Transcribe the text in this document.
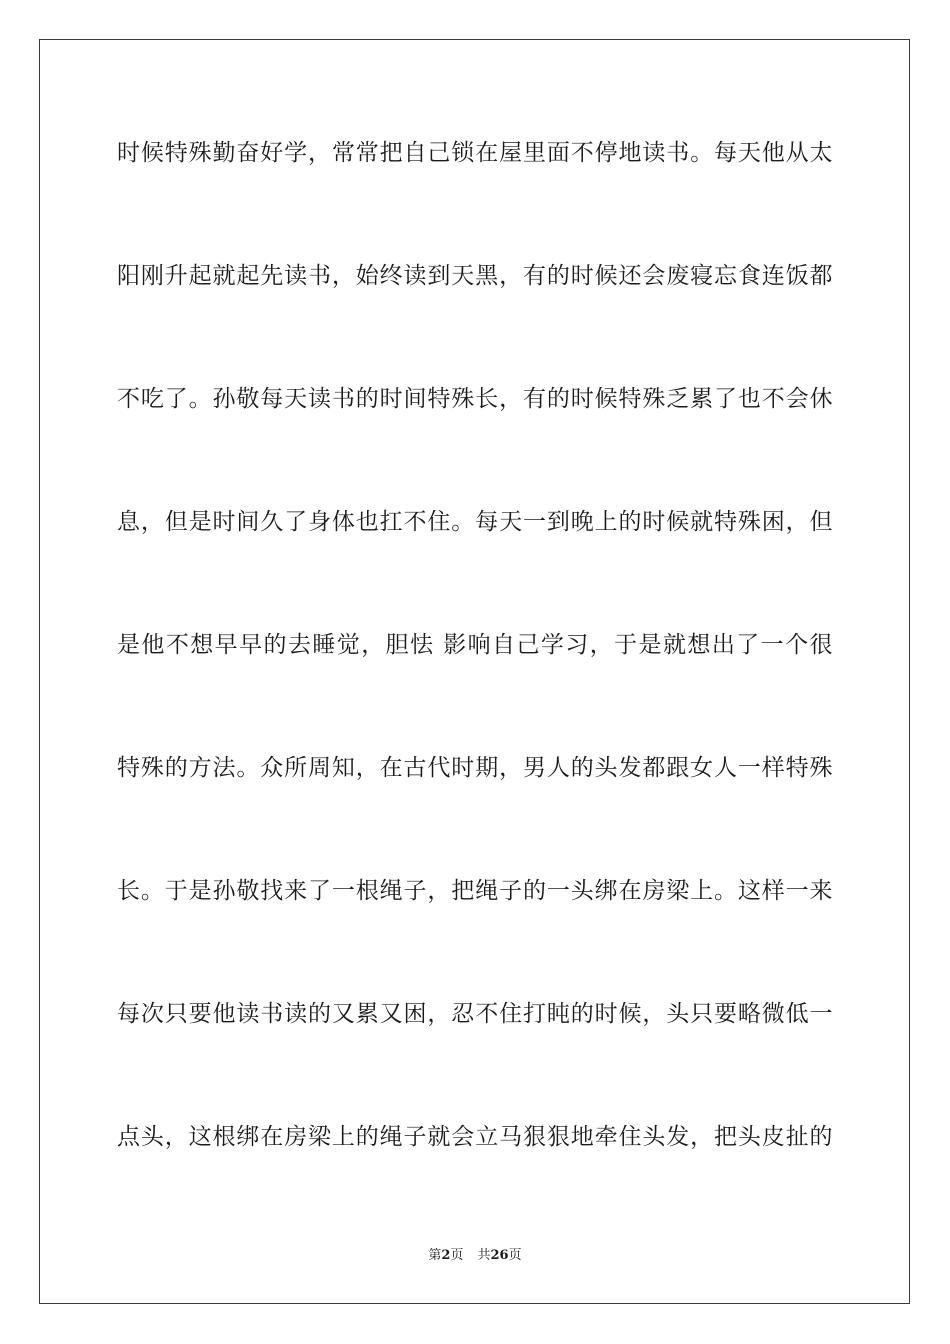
时候特殊勤奋好学，常常把自己锁在屋里面不停地读书。每天他从太
阳刚升起就起先读书，始终读到天黑，有的时候还会废寝忘食连饭都
不吃了。孙敬每天读书的时间特殊长，有的时候特殊乏累了也不会休
息，但是时间久了身体也扛不住。每天一到晚上的时候就特殊困，但
是他不想早早的去睡觉，胆怯 影响自己学习，于是就想出了一个很
特殊的方法。众所周知，在古代时期，男人的头发都跟女人一样特殊
长。于是孙敬找来了一根绳子，把绳子的一头绑在房梁上。这样一来
每次只要他读书读的又累又困，忍不住打盹的时候，头只要略微低一
点头，这根绑在房梁上的绳子就会立马狠狠地牵住头发，把头皮扯的
第2页 共26页
